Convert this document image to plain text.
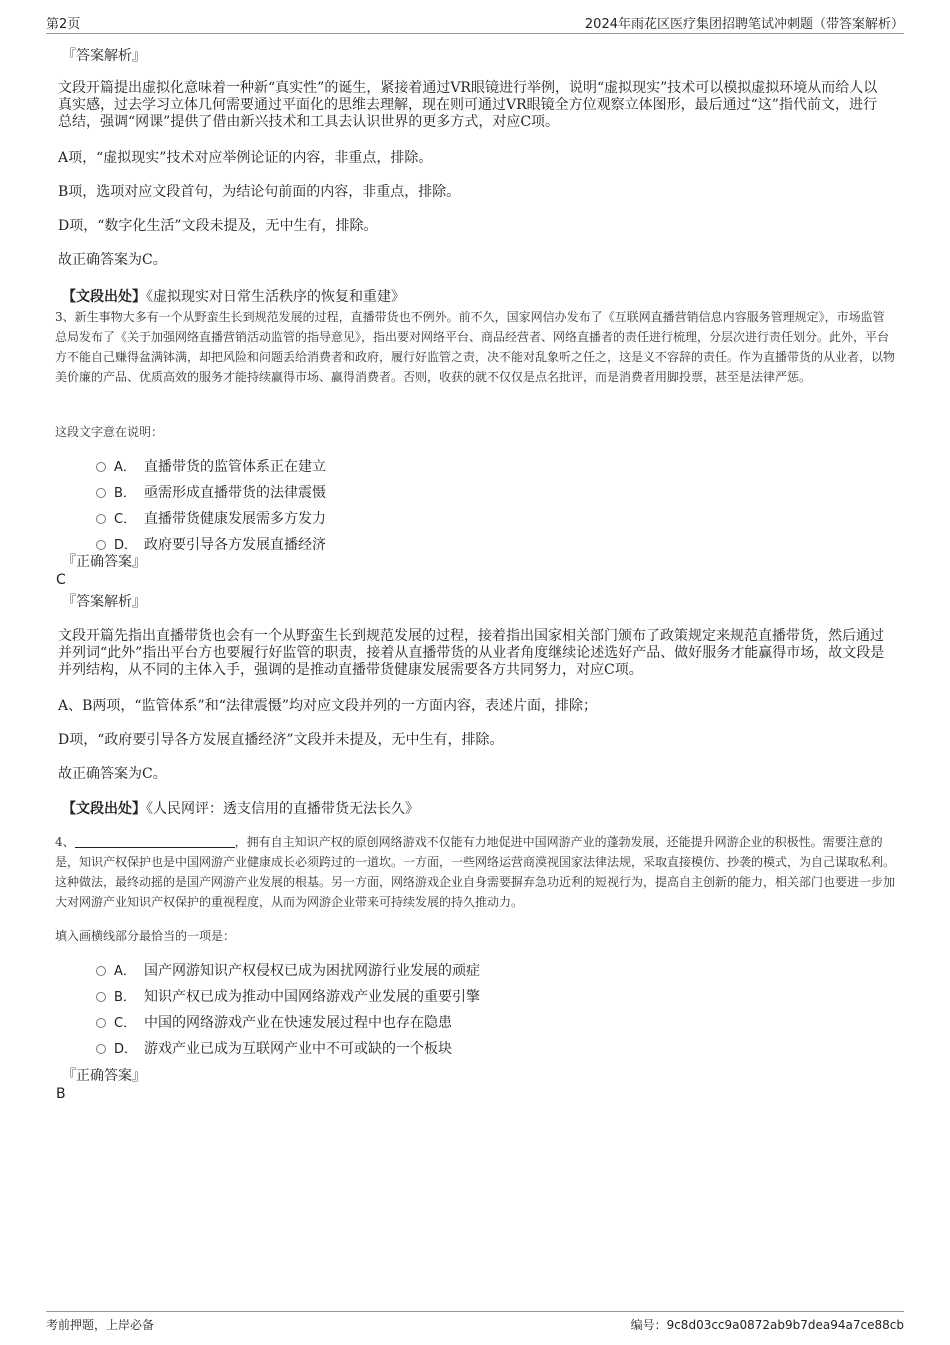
第2页	2024年雨花区医疗集团招聘笔试冲刺题（带答案解析）
『答案解析』
文段开篇提出虚拟化意味着一种新“真实性”的诞生，紧接着通过VR眼镜进行举例，说明“虚拟现实”技术可以模拟虚拟环境从而给人以真实感，过去学习立体几何需要通过平面化的思维去理解，现在则可通过VR眼镜全方位观察立体图形，最后通过“这”指代前文，进行总结，强调“网课”提供了借由新兴技术和工具去认识世界的更多方式，对应C项。
A项，“虚拟现实”技术对应举例论证的内容，非重点，排除。
B项，选项对应文段首句，为结论句前面的内容，非重点，排除。
D项，“数字化生活”文段未提及，无中生有，排除。
故正确答案为C。
【文段出处】《虚拟现实对日常生活秩序的恢复和重建》
3、新生事物大多有一个从野蛮生长到规范发展的过程，直播带货也不例外。前不久，国家网信办发布了《互联网直播营销信息内容服务管理规定》，市场监管总局发布了《关于加强网络直播营销活动监管的指导意见》，指出要对网络平台、商品经营者、网络直播者的责任进行梳理，分层次进行责任划分。此外，平台方不能自己赚得盆满钵满，却把风险和问题丢给消费者和政府，履行好监管之责，决不能对乱象听之任之，这是义不容辞的责任。作为直播带货的从业者，以物美价廉的产品、优质高效的服务才能持续赢得市场、赢得消费者。否则，收获的就不仅仅是点名批评，而是消费者用脚投票，甚至是法律严惩。
这段文字意在说明：
A． 直播带货的监管体系正在建立
B． 亟需形成直播带货的法律震慑
C． 直播带货健康发展需多方发力
D． 政府要引导各方发展直播经济
『正确答案』
C
『答案解析』
文段开篇先指出直播带货也会有一个从野蛮生长到规范发展的过程，接着指出国家相关部门颁布了政策规定来规范直播带货，然后通过并列词“此外”指出平台方也要履行好监管的职责，接着从直播带货的从业者角度继续论述选好产品、做好服务才能赢得市场，故文段是并列结构，从不同的主体入手，强调的是推动直播带货健康发展需要各方共同努力，对应C项。
A、B两项，“监管体系”和“法律震慑”均对应文段并列的一方面内容，表述片面，排除；
D项，“政府要引导各方发展直播经济”文段并未提及，无中生有，排除。
故正确答案为C。
【文段出处】《人民网评：透支信用的直播带货无法长久》
4、	，拥有自主知识产权的原创网络游戏不仅能有力地促进中国网游产业的蓬勃发展，还能提升网游企业的积极性。需要注意的是，知识产权保护也是中国网游产业健康成长必须跨过的一道坎。一方面，一些网络运营商漠视国家法律法规，采取直接模仿、抄袭的模式，为自己谋取私利。这种做法，最终动摇的是国产网游产业发展的根基。另一方面，网络游戏企业自身需要摒弃急功近利的短视行为，提高自主创新的能力，相关部门也要进一步加大对网游产业知识产权保护的重视程度，从而为网游企业带来可持续发展的持久推动力。
填入画横线部分最恰当的一项是：
A． 国产网游知识产权侵权已成为困扰网游行业发展的顽症
B． 知识产权已成为推动中国网络游戏产业发展的重要引擎
C． 中国的网络游戏产业在快速发展过程中也存在隐患
D． 游戏产业已成为互联网产业中不可或缺的一个板块
『正确答案』
B
考前押题，上岸必备	编号：9c8d03cc9a0872ab9b7dea94a7ce88cb
